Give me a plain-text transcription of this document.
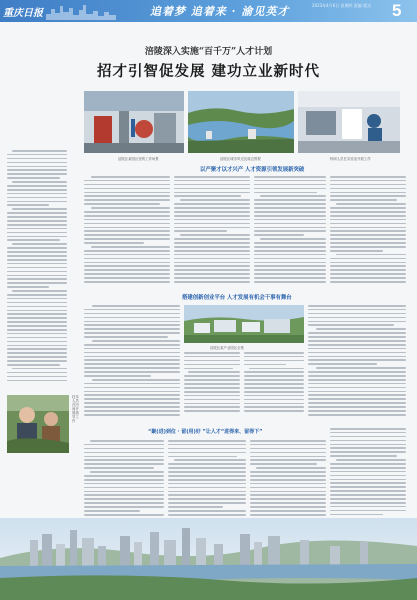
重庆日报	追着梦 追着来 · 渝见英才	2023年4月6日 星期四 责编 版式	5
涪陵深入实施“百千万”人才计划
招才引智促发展 建功立业新时代
涪陵区某园区里的工作场景	涪陵区城市风光及周边景观	科研人员在实验室开展工作
以产聚才以才兴产 人才资源引领发展新突破
搭建创新创业平台 人才发展有机会干事有舞台
涪陵区某产业园区全景
技术人员在田间开展指导工作
“聚(进)到位 · 留(用)好 ”让人才“进得来、留得下”
